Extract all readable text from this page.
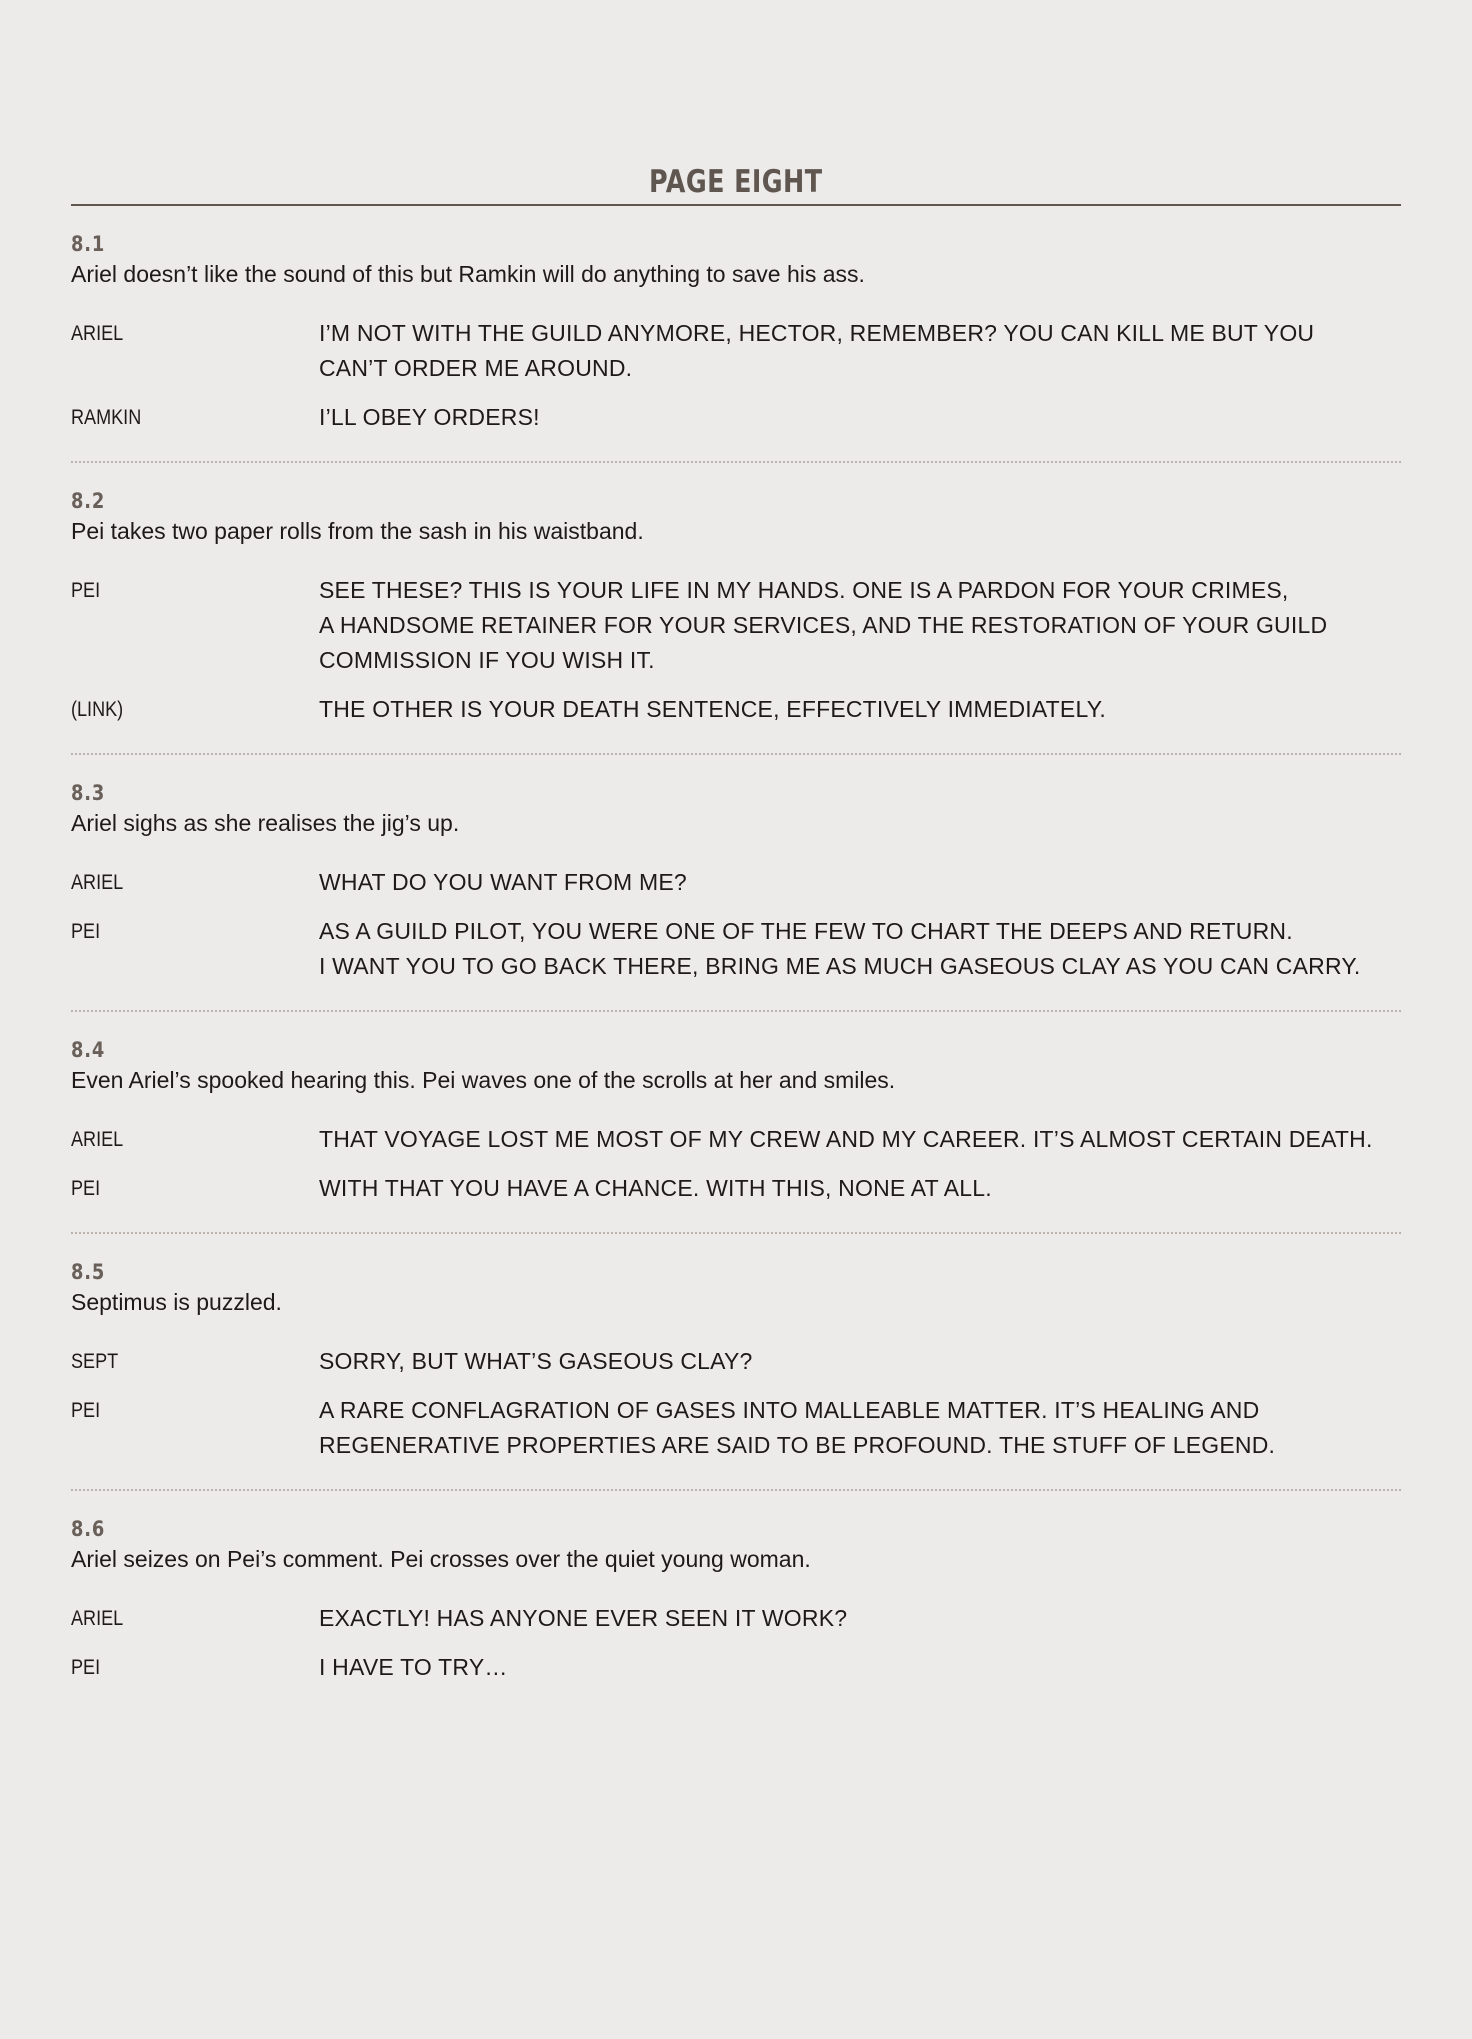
PAGE EIGHT
8.1
Ariel doesn’t like the sound of this but Ramkin will do anything to save his ass.
ARIEL	I’M NOT WITH THE GUILD ANYMORE, HECTOR, REMEMBER? YOU CAN KILL ME BUT YOU
CAN’T ORDER ME AROUND.
RAMKIN	I’LL OBEY ORDERS!
8.2
Pei takes two paper rolls from the sash in his waistband.
PEI	SEE THESE? THIS IS YOUR LIFE IN MY HANDS. ONE IS A PARDON FOR YOUR CRIMES,
A HANDSOME RETAINER FOR YOUR SERVICES, AND THE RESTORATION OF YOUR GUILD
COMMISSION IF YOU WISH IT.
(LINK)	THE OTHER IS YOUR DEATH SENTENCE, EFFECTIVELY IMMEDIATELY.
8.3
Ariel sighs as she realises the jig’s up.
ARIEL	WHAT DO YOU WANT FROM ME?
PEI	AS A GUILD PILOT, YOU WERE ONE OF THE FEW TO CHART THE DEEPS AND RETURN.
I WANT YOU TO GO BACK THERE, BRING ME AS MUCH GASEOUS CLAY AS YOU CAN CARRY.
8.4
Even Ariel’s spooked hearing this. Pei waves one of the scrolls at her and smiles.
ARIEL	THAT VOYAGE LOST ME MOST OF MY CREW AND MY CAREER. IT’S ALMOST CERTAIN DEATH.
PEI	WITH THAT YOU HAVE A CHANCE. WITH THIS, NONE AT ALL.
8.5
Septimus is puzzled.
SEPT	SORRY, BUT WHAT’S GASEOUS CLAY?
PEI	A RARE CONFLAGRATION OF GASES INTO MALLEABLE MATTER. IT’S HEALING AND
REGENERATIVE PROPERTIES ARE SAID TO BE PROFOUND. THE STUFF OF LEGEND.
8.6
Ariel seizes on Pei’s comment. Pei crosses over the quiet young woman.
ARIEL	EXACTLY! HAS ANYONE EVER SEEN IT WORK?
PEI	I HAVE TO TRY…
